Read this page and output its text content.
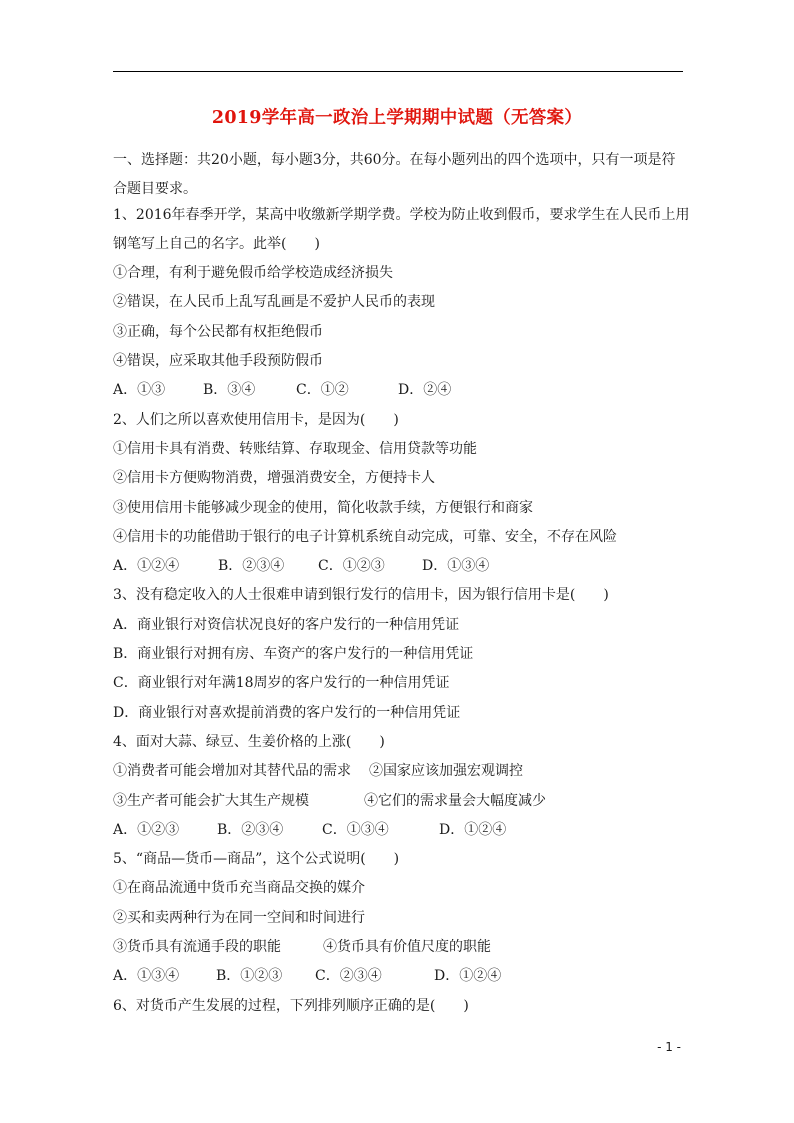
2019学年高一政治上学期期中试题（无答案）
一、选择题：共20小题，每小题3分，共60分。在每小题列出的四个选项中，只有一项是符合题目要求。
1、2016年春季开学，某高中收缴新学期学费。学校为防止收到假币，要求学生在人民币上用
钢笔写上自己的名字。此举(　　)
①合理，有利于避免假币给学校造成经济损失
②错误，在人民币上乱写乱画是不爱护人民币的表现
③正确，每个公民都有权拒绝假币
④错误，应采取其他手段预防假币
A．①③	B．③④	C．①②	D．②④
2、人们之所以喜欢使用信用卡，是因为(　　)
①信用卡具有消费、转账结算、存取现金、信用贷款等功能
②信用卡方便购物消费，增强消费安全，方便持卡人
③使用信用卡能够减少现金的使用，简化收款手续，方便银行和商家
④信用卡的功能借助于银行的电子计算机系统自动完成，可靠、安全，不存在风险
A．①②④	B．②③④	C．①②③	D．①③④
3、没有稳定收入的人士很难申请到银行发行的信用卡，因为银行信用卡是(　　)
A．商业银行对资信状况良好的客户发行的一种信用凭证
B．商业银行对拥有房、车资产的客户发行的一种信用凭证
C．商业银行对年满18周岁的客户发行的一种信用凭证
D．商业银行对喜欢提前消费的客户发行的一种信用凭证
4、面对大蒜、绿豆、生姜价格的上涨(　　)
①消费者可能会增加对其替代品的需求	②国家应该加强宏观调控
③生产者可能会扩大其生产规模	④它们的需求量会大幅度减少
A．①②③	B．②③④	C．①③④	D．①②④
5、“商品—货币—商品”，这个公式说明(　　)
①在商品流通中货币充当商品交换的媒介
②买和卖两种行为在同一空间和时间进行
③货币具有流通手段的职能	④货币具有价值尺度的职能
A．①③④	B．①②③	C．②③④	D．①②④
6、对货币产生发展的过程，下列排列顺序正确的是(　　)
- 1 -
